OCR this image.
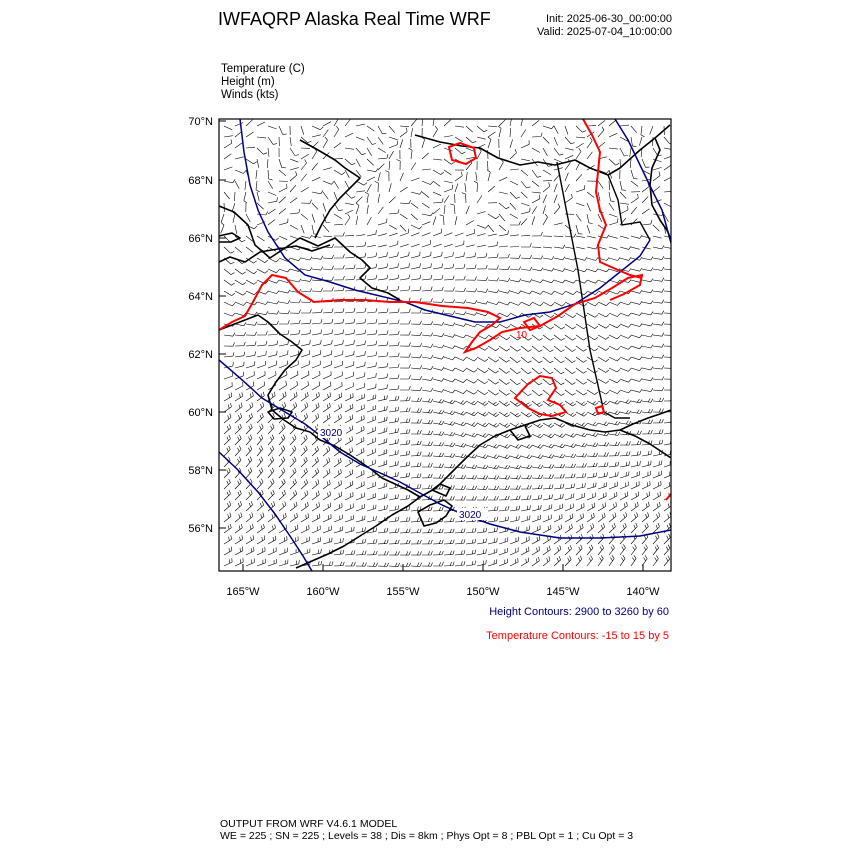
IWFAQRP Alaska Real Time WRF	Init: 2025-06-30_00:00:00
Valid: 2025-07-04_10:00:00
Temperature (C)
Height (m)
Winds (kts)
3020
3020
10
70°N
68°N
66°N
64°N
62°N
60°N
58°N
56°N
165°W	160°W	155°W	150°W	145°W	140°W
Height Contours: 2900 to 3260 by 60
Temperature Contours: -15 to 15 by 5
OUTPUT FROM WRF V4.6.1 MODEL
WE = 225 ; SN = 225 ; Levels = 38 ; Dis = 8km ; Phys Opt = 8 ; PBL Opt = 1 ; Cu Opt = 3
